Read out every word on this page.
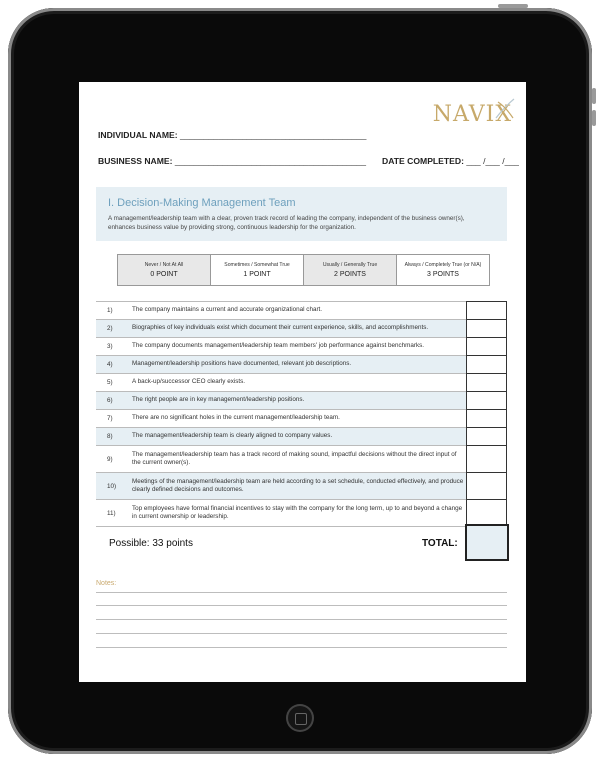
NAVIX
INDIVIDUAL NAME: _______________________________________
BUSINESS NAME: ________________________________________ DATE COMPLETED: ___ /___ /___
I. Decision-Making Management Team
A management/leadership team with a clear, proven track record of leading the company, independent of the business owner(s), enhances business value by providing strong, continuous leadership for the organization.
Never / Not At All
0 POINT
Sometimes / Somewhat True
1 POINT
Usually / Generally True
2 POINTS
Always / Completely True (or N/A)
3 POINTS
1)	The company maintains a current and accurate organizational chart.
2)	Biographies of key individuals exist which document their current experience, skills, and accomplishments.
3)	The company documents management/leadership team members' job performance against benchmarks.
4)	Management/leadership positions have documented, relevant job descriptions.
5)	A back-up/successor CEO clearly exists.
6)	The right people are in key management/leadership positions.
7)	There are no significant holes in the current management/leadership team.
8)	The management/leadership team is clearly aligned to company values.
9)
The management/leadership team has a track record of making sound, impactful decisions without the direct input of the current owner(s).
10)
Meetings of the management/leadership team are held according to a set schedule, conducted effectively, and produce clearly defined decisions and outcomes.
11)
Top employees have formal financial incentives to stay with the company for the long term, up to and beyond a change in current ownership or leadership.
Possible: 33 points	TOTAL:
Notes:
